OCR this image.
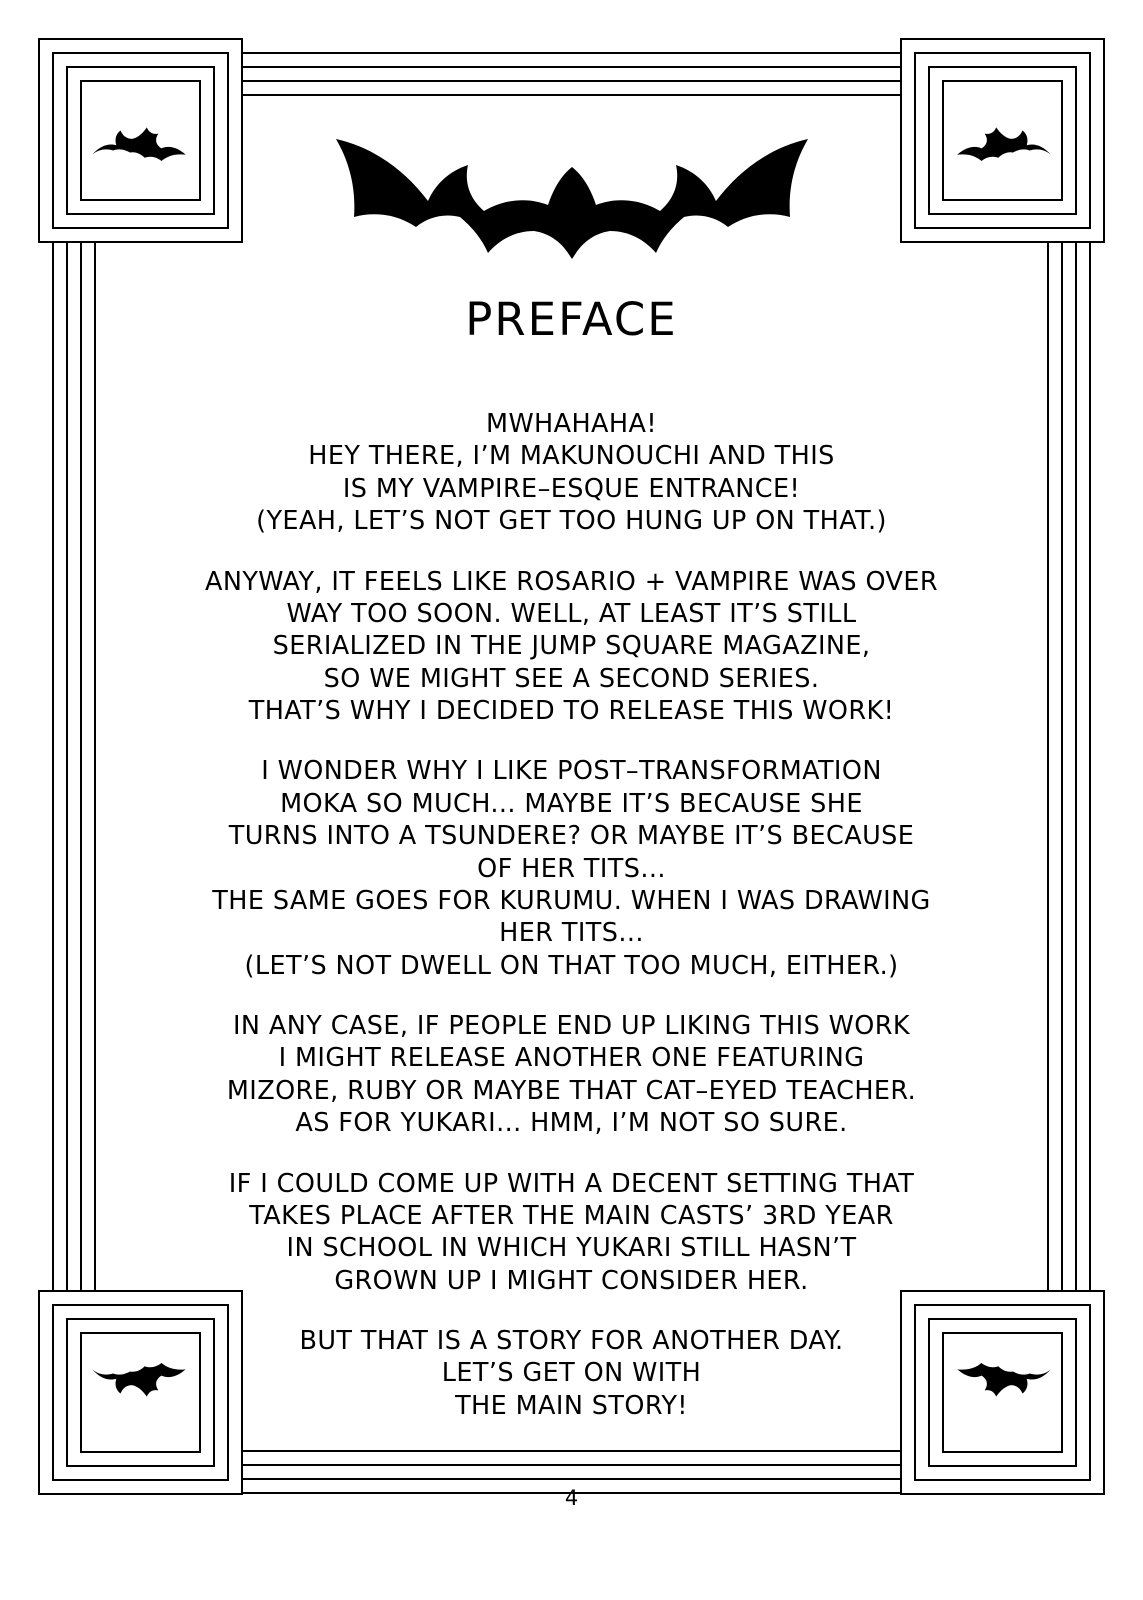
PREFACE
MWHAHAHA!
HEY THERE, I’M MAKUNOUCHI AND THIS
IS MY VAMPIRE–ESQUE ENTRANCE!
(YEAH, LET’S NOT GET TOO HUNG UP ON THAT.)
ANYWAY, IT FEELS LIKE ROSARIO + VAMPIRE WAS OVER
WAY TOO SOON. WELL, AT LEAST IT’S STILL
SERIALIZED IN THE JUMP SQUARE MAGAZINE,
SO WE MIGHT SEE A SECOND SERIES.
THAT’S WHY I DECIDED TO RELEASE THIS WORK!
I WONDER WHY I LIKE POST–TRANSFORMATION
MOKA SO MUCH... MAYBE IT’S BECAUSE SHE
TURNS INTO A TSUNDERE? OR MAYBE IT’S BECAUSE
OF HER TITS...
THE SAME GOES FOR KURUMU. WHEN I WAS DRAWING
HER TITS...
(LET’S NOT DWELL ON THAT TOO MUCH, EITHER.)
IN ANY CASE, IF PEOPLE END UP LIKING THIS WORK
I MIGHT RELEASE ANOTHER ONE FEATURING
MIZORE, RUBY OR MAYBE THAT CAT–EYED TEACHER.
AS FOR YUKARI... HMM, I’M NOT SO SURE.
IF I COULD COME UP WITH A DECENT SETTING THAT
TAKES PLACE AFTER THE MAIN CASTS’ 3RD YEAR
IN SCHOOL IN WHICH YUKARI STILL HASN’T
GROWN UP I MIGHT CONSIDER HER.
BUT THAT IS A STORY FOR ANOTHER DAY.
LET’S GET ON WITH
THE MAIN STORY!
4
